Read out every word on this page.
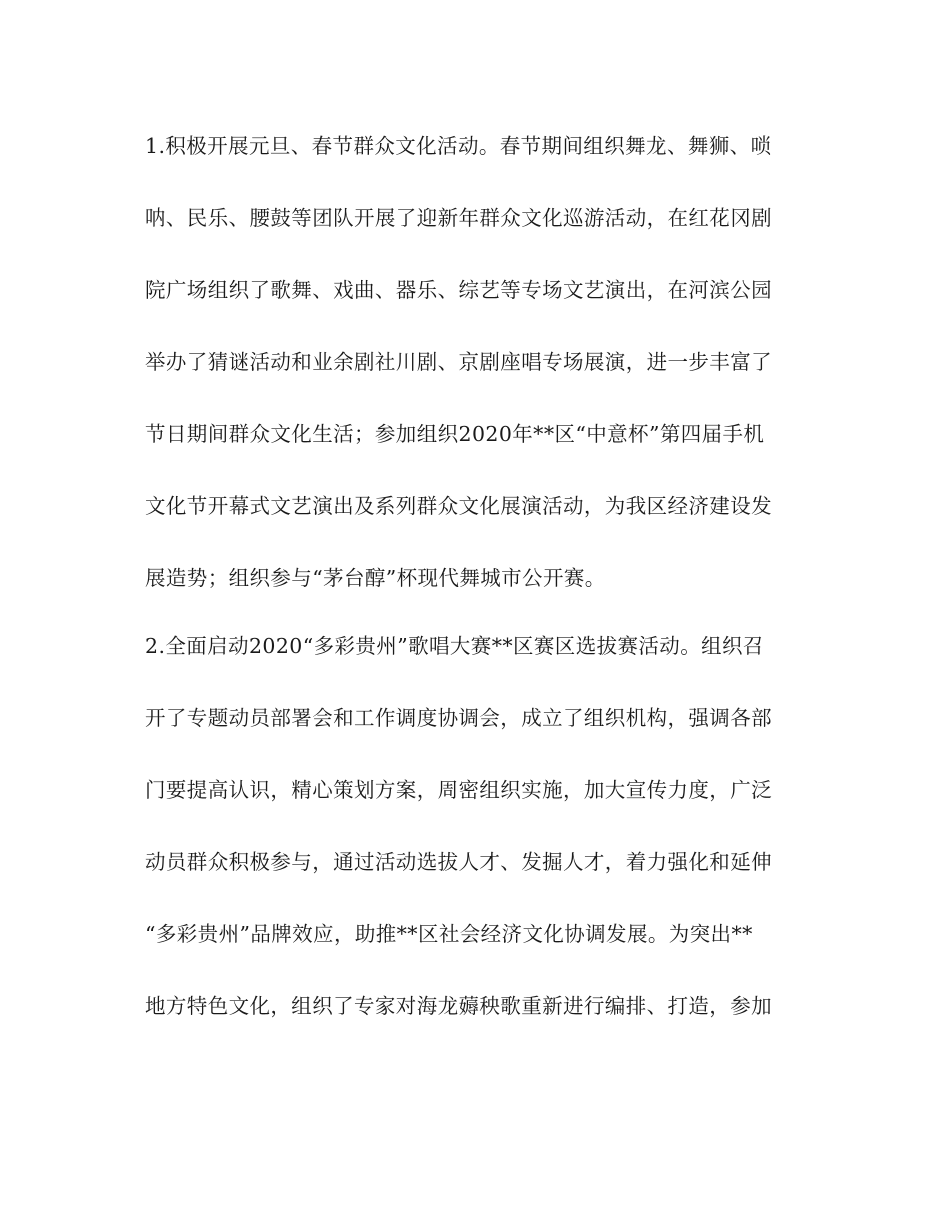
1.积极开展元旦、春节群众文化活动。春节期间组织舞龙、舞狮、唢
呐、民乐、腰鼓等团队开展了迎新年群众文化巡游活动，在红花冈剧
院广场组织了歌舞、戏曲、器乐、综艺等专场文艺演出，在河滨公园
举办了猜谜活动和业余剧社川剧、京剧座唱专场展演，进一步丰富了
节日期间群众文化生活；参加组织2020年**区“中意杯”第四届手机
文化节开幕式文艺演出及系列群众文化展演活动，为我区经济建设发
展造势；组织参与“茅台醇”杯现代舞城市公开赛。
2.全面启动2020“多彩贵州”歌唱大赛**区赛区选拔赛活动。组织召
开了专题动员部署会和工作调度协调会，成立了组织机构，强调各部
门要提高认识，精心策划方案，周密组织实施，加大宣传力度，广泛
动员群众积极参与，通过活动选拔人才、发掘人才，着力强化和延伸
“多彩贵州”品牌效应，助推**区社会经济文化协调发展。为突出**
地方特色文化，组织了专家对海龙薅秧歌重新进行编排、打造，参加
